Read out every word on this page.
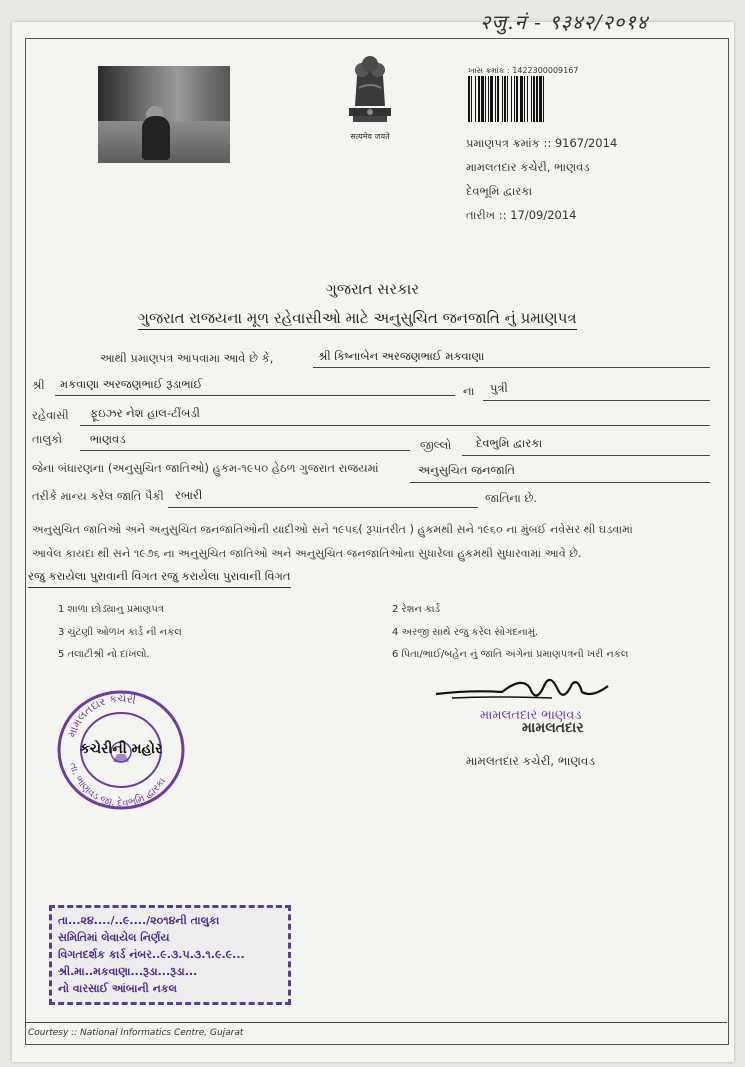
२जु.नं - ९३४२/२०१४
सत्यमेव जयते
ખાસ ક્રમાંક : 1422300009167
પ્રમાણપત્ર ક્રમાંક :: 9167/2014
મામલતદાર કચેરી, ભાણવડ
દેવભૂમિ દ્વારકા
તારીખ :: 17/09/2014
ગુજરાત સરકાર
ગુજરાત રાજયના મૂળ રહેવાસીઓ માટે અનુસુચિત જનજાતિ નું પ્રમાણપત્ર
આથી પ્રમાણપત્ર આપવામા આવે છે કે,	શ્રી કિષ્નાબેન અરજણભાઈ મકવાણા
શ્રી મકવાણા અરજણભાઈ રૂડાભાઈ	ના પુત્રી
રહેવાસી ફૂઇઝર નેશ હાલ-ટીંબડી
તાલુકો ભાણવડ	જીલ્લો દેવભુમિ દ્વારકા
જેના બંધારણના (અનુસુચિત જાતિઓ) હુકમ-૧૯૫૦ હેઠળ ગુજરાત રાજયમાં	અનુસુચિત જનજાતિ
તરીકે માન્ય કરેલ જાતિ પૈકી રબારી	જાતિના છે.
અનુસુચિત જાતિઓ અને અનુસુચિત જનજાતિઓની યાદીઓ સને ૧૯૫૬( રૂપાંતરીત ) હુકમથી સને ૧૯૬૦ ના મુંબઈ નવેસર થી ઘડવામાં
આવેલ કાયદા થી સને ૧૯૭૬ ના અનુસુચિત જાતિઓ અને અનુસુચિત જનજાતિઓના સુધારેલા હુકમથી સુધારવામાં આવે છે.
રજુ કરાયેલા પુરાવાની વિગત રજુ કરાયેલા પુરાવાની વિગત
1 શાળા છોડ્યાનુ પ્રમાણપત્ર
3 ચુંટણી ઓળખ કાર્ડ ની નકલ
5 તલાટીશ્રી નો દાખલો.
2 રેશન કાર્ડ
4 અરજી સાથે રજુ કરેલ સોગંદનામું.
6 પિતા/ભાઈ/બહેન નું જાતિ અંગેનાં પ્રમાણપત્રની ખરી નકલ
મામલતદાર કચેરી
તા. ભાણવડ જી. દેવભુમિ દ્વારકા
કચેરીની મહોર
મામલતદાર ભાણવડ
મામલતદાર
મામલતદાર કચેરી, ભાણવડ
તા...૨૪..../..૯..../૨૦૧૪ની તાલુકા
સમિતિમાં લેવાયેલ નિર્ણય
વિગતદર્શક કાર્ડ નંબર..૯.૩.૫.૩.૧.૯.૯...
શ્રી.મા..મકવાણા...રૂડા...રૂડા...
નો વારસાઈ આંબાની નકલ
Courtesy :: National Informatics Centre, Gujarat
